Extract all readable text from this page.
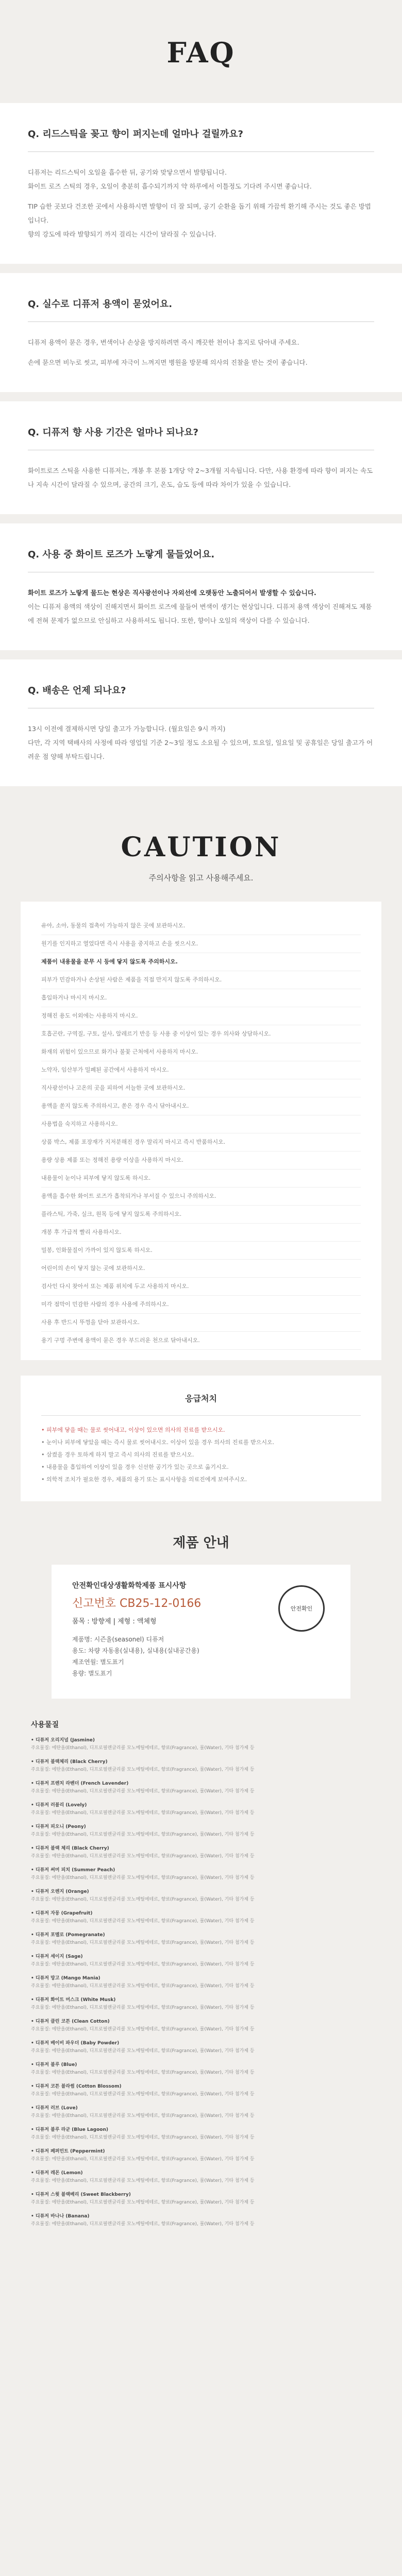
FAQ
Q. 리드스틱을 꽂고 향이 퍼지는데 얼마나 걸릴까요?

디퓨저는 리드스틱이 오일을 흡수한 뒤, 공기와 맞닿으면서 발향됩니다.

화이트 로즈 스틱의 경우, 오일이 충분히 흡수되기까지 약 하루에서 이틀정도 기다려 주시면 좋습니다.

TIP 습한 곳보다 건조한 곳에서 사용하시면 발향이 더 잘 되며, 공기 순환을 돕기 위해 가끔씩 환기해 주시는 것도 좋은 방법입니다.

향의 강도에 따라 발향되기 까지 걸리는 시간이 달라질 수 있습니다.

Q. 실수로 디퓨저 용액이 묻었어요.

디퓨저 용액이 묻은 경우, 변색이나 손상을 방지하려면 즉시 깨끗한 천이나 휴지로 닦아내 주세요.

손에 묻으면 비누로 씻고, 피부에 자극이 느껴지면 병원을 방문해 의사의 진찰을 받는 것이 좋습니다.

Q. 디퓨저 향 사용 기간은 얼마나 되나요?

화이트로즈 스틱을 사용한 디퓨저는, 개봉 후 본품 1개당 약 2~3개월 지속됩니다. 다만, 사용 환경에 따라 향이 퍼지는 속도나 지속 시간이 달라질 수 있으며, 공간의 크기, 온도, 습도 등에 따라 차이가 있을 수 있습니다.

Q. 사용 중 화이트 로즈가 노랗게 물들었어요.

화이트 로즈가 노랗게 물드는 현상은 직사광선이나 자외선에 오랫동안 노출되어서 발생할 수 있습니다.

이는 디퓨저 용액의 색상이 진해지면서 화이트 로즈에 물들어 변색이 생기는 현상입니다. 디퓨저 용액 색상이 진해져도 제품에 전혀 문제가 없으므로 안심하고 사용하셔도 됩니다. 또한, 향이나 오일의 색상이 다를 수 있습니다.

Q. 배송은 언제 되나요?

13시 이전에 결제하시면 당일 출고가 가능합니다. (월요일은 9시 까지)

다만, 각 지역 택배사의 사정에 따라 영업일 기준 2~3일 정도 소요될 수 있으며, 토요일, 일요일 및 공휴일은 당일 출고가 어려운 점 양해 부탁드립니다.

CAUTION
주의사항을 읽고 사용해주세요.
유아, 소아, 동물의 접촉이 가능하지 않은 곳에 보관하시오.
원기를 인지하고 열었다면 즉시 사용을 중지하고 손을 씻으시오.
제품이 내용물을 분무 시 등에 닿지 않도록 주의하시오.
피부가 민감하거나 손상된 사람은 제품을 직접 만지지 않도록 주의하시오.
흡입하거나 마시지 마시오.
정해진 용도 이외에는 사용하지 마시오.
호흡곤란, 구역질, 구토, 설사, 알레르기 반응 등 사용 중 이상이 있는 경우 의사와 상담하시오.
화재의 위험이 있으므로 화기나 불꽃 근처에서 사용하지 마시오.
노약자, 임산부가 밀폐된 공간에서 사용하지 마시오.
직사광선이나 고온의 곳을 피하여 서늘한 곳에 보관하시오.
용액을 쏟지 않도록 주의하시고, 쏟은 경우 즉시 닦아내시오.
사용법을 숙지하고 사용하시오.
상품 박스, 제품 포장재가 지저분해진 경우 말리지 마시고 즉시 반품하시오.
용량 상용 제품 또는 정해진 용량 이상을 사용하지 마시오.
내용물이 눈이나 피부에 닿지 않도록 하시오.
용액을 흡수한 화이트 로즈가 흡착되거나 부서질 수 있으니 주의하시오.
플라스틱, 가죽, 실크, 원목 등에 닿지 않도록 주의하시오.
개봉 후 가급적 빨리 사용하시오.
밀봉, 인화물질이 가까이 있지 않도록 하시오.
어린이의 손이 닿지 않는 곳에 보관하시오.
검사인 다시 찾아서 또는 제품 위치에 두고 사용하지 마시오.
미각 점막이 민감한 사람의 경우 사용에 주의하시오.
사용 후 반드시 뚜껑을 닫아 보관하시오.
용기 구멍 주변에 용액이 묻은 경우 부드러운 천으로 닦아내시오.
응급처치
• 피부에 닿을 때는 물로 씻어내고, 이상이 있으면 의사의 진료를 받으시오.
• 눈이나 피부에 닿았을 때는 즉시 물로 씻어내시오. 이상이 있을 경우 의사의 진료를 받으시오.
• 삼켰을 경우 토하게 하지 말고 즉시 의사의 진료를 받으시오.
• 내용물을 흡입하여 이상이 있을 경우 신선한 공기가 있는 곳으로 옮기시오.
• 의학적 조치가 필요한 경우, 제품의 용기 또는 표시사항을 의료진에게 보여주시오.
제품 안내
안전확인대상생활화학제품 표시사항
신고번호 CB25-12-0166
품목 : 방향제 | 제형 : 액체형
제품명: 시즌올(seasonel) 디퓨저
용도: 차량 자동용(실내용), 실내용(실내공간용)
제조연월: 별도표기
용량: 별도표기
안전확인
사용물질
• 디퓨저 오리지널 (Jasmine)
주요물질: 에탄올(Ethanol), 디프로필렌글리콜 모노메틸에테르, 향료(Fragrance), 물(Water), 기타 첨가제 등
• 디퓨저 블랙체리 (Black Cherry)
주요물질: 에탄올(Ethanol), 디프로필렌글리콜 모노메틸에테르, 향료(Fragrance), 물(Water), 기타 첨가제 등
• 디퓨저 프렌치 라벤더 (French Lavender)
주요물질: 에탄올(Ethanol), 디프로필렌글리콜 모노메틸에테르, 향료(Fragrance), 물(Water), 기타 첨가제 등
• 디퓨저 러블리 (Lovely)
주요물질: 에탄올(Ethanol), 디프로필렌글리콜 모노메틸에테르, 향료(Fragrance), 물(Water), 기타 첨가제 등
• 디퓨저 피오니 (Peony)
주요물질: 에탄올(Ethanol), 디프로필렌글리콜 모노메틸에테르, 향료(Fragrance), 물(Water), 기타 첨가제 등
• 디퓨저 블랙 체리 (Black Cherry)
주요물질: 에탄올(Ethanol), 디프로필렌글리콜 모노메틸에테르, 향료(Fragrance), 물(Water), 기타 첨가제 등
• 디퓨저 써머 피치 (Summer Peach)
주요물질: 에탄올(Ethanol), 디프로필렌글리콜 모노메틸에테르, 향료(Fragrance), 물(Water), 기타 첨가제 등
• 디퓨저 오렌지 (Orange)
주요물질: 에탄올(Ethanol), 디프로필렌글리콜 모노메틸에테르, 향료(Fragrance), 물(Water), 기타 첨가제 등
• 디퓨저 자몽 (Grapefruit)
주요물질: 에탄올(Ethanol), 디프로필렌글리콜 모노메틸에테르, 향료(Fragrance), 물(Water), 기타 첨가제 등
• 디퓨저 포멜로 (Pomegranate)
주요물질: 에탄올(Ethanol), 디프로필렌글리콜 모노메틸에테르, 향료(Fragrance), 물(Water), 기타 첨가제 등
• 디퓨저 세이지 (Sage)
주요물질: 에탄올(Ethanol), 디프로필렌글리콜 모노메틸에테르, 향료(Fragrance), 물(Water), 기타 첨가제 등
• 디퓨저 망고 (Mango Mania)
주요물질: 에탄올(Ethanol), 디프로필렌글리콜 모노메틸에테르, 향료(Fragrance), 물(Water), 기타 첨가제 등
• 디퓨저 화이트 머스크 (White Musk)
주요물질: 에탄올(Ethanol), 디프로필렌글리콜 모노메틸에테르, 향료(Fragrance), 물(Water), 기타 첨가제 등
• 디퓨저 클린 코튼 (Clean Cotton)
주요물질: 에탄올(Ethanol), 디프로필렌글리콜 모노메틸에테르, 향료(Fragrance), 물(Water), 기타 첨가제 등
• 디퓨저 베이비 파우더 (Baby Powder)
주요물질: 에탄올(Ethanol), 디프로필렌글리콜 모노메틸에테르, 향료(Fragrance), 물(Water), 기타 첨가제 등
• 디퓨저 블루 (Blue)
주요물질: 에탄올(Ethanol), 디프로필렌글리콜 모노메틸에테르, 향료(Fragrance), 물(Water), 기타 첨가제 등
• 디퓨저 코튼 블라썸 (Cotton Blossom)
주요물질: 에탄올(Ethanol), 디프로필렌글리콜 모노메틸에테르, 향료(Fragrance), 물(Water), 기타 첨가제 등
• 디퓨저 러브 (Love)
주요물질: 에탄올(Ethanol), 디프로필렌글리콜 모노메틸에테르, 향료(Fragrance), 물(Water), 기타 첨가제 등
• 디퓨저 블루 라군 (Blue Lagoon)
주요물질: 에탄올(Ethanol), 디프로필렌글리콜 모노메틸에테르, 향료(Fragrance), 물(Water), 기타 첨가제 등
• 디퓨저 페퍼민트 (Peppermint)
주요물질: 에탄올(Ethanol), 디프로필렌글리콜 모노메틸에테르, 향료(Fragrance), 물(Water), 기타 첨가제 등
• 디퓨저 레몬 (Lemon)
주요물질: 에탄올(Ethanol), 디프로필렌글리콜 모노메틸에테르, 향료(Fragrance), 물(Water), 기타 첨가제 등
• 디퓨저 스윗 블랙베리 (Sweet Blackberry)
주요물질: 에탄올(Ethanol), 디프로필렌글리콜 모노메틸에테르, 향료(Fragrance), 물(Water), 기타 첨가제 등
• 디퓨저 바나나 (Banana)
주요물질: 에탄올(Ethanol), 디프로필렌글리콜 모노메틸에테르, 향료(Fragrance), 물(Water), 기타 첨가제 등
